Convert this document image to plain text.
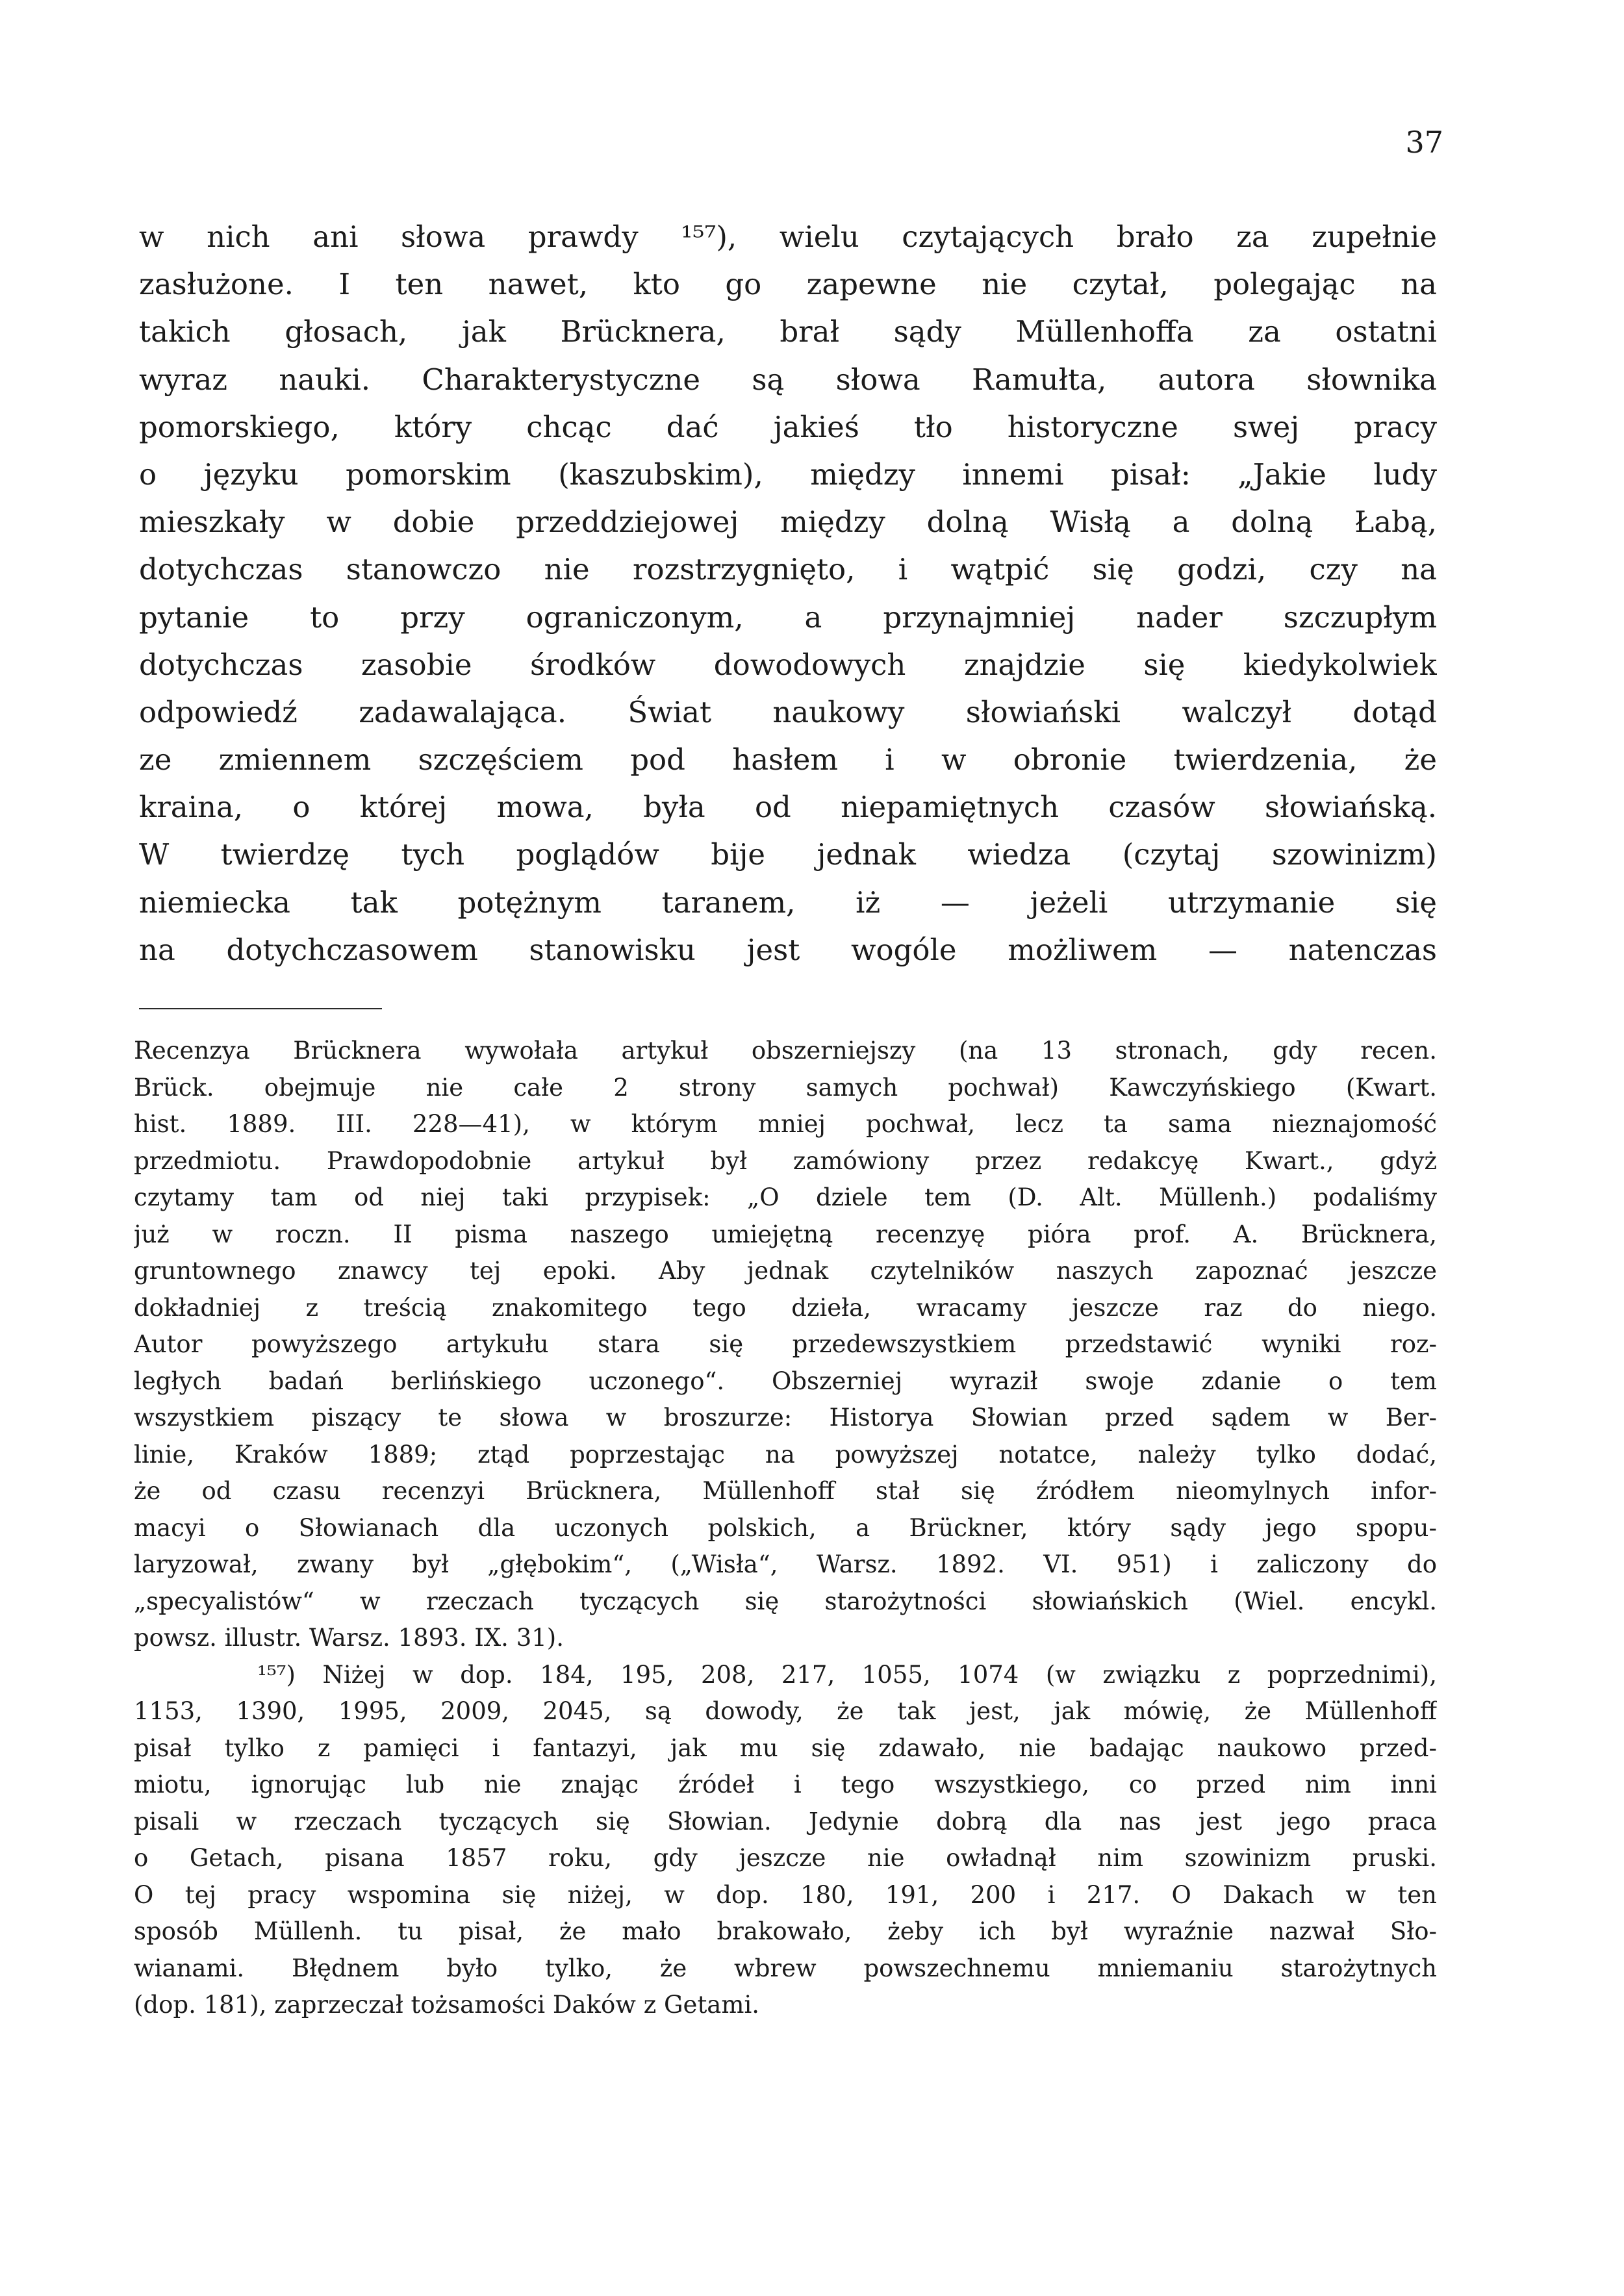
37
w nich ani słowa prawdy ¹⁵⁷), wielu czytających brało za zupełnie
zasłużone. I ten nawet, kto go zapewne nie czytał, polegając na
takich głosach, jak Brücknera, brał sądy Müllenhoffa za ostatni
wyraz nauki. Charakterystyczne są słowa Ramułta, autora słownika
pomorskiego, który chcąc dać jakieś tło historyczne swej pracy
o języku pomorskim (kaszubskim), między innemi pisał: „Jakie ludy
mieszkały w dobie przeddziejowej między dolną Wisłą a dolną Łabą,
dotychczas stanowczo nie rozstrzygnięto, i wątpić się godzi, czy na
pytanie to przy ograniczonym, a przynajmniej nader szczupłym
dotychczas zasobie środków dowodowych znajdzie się kiedykolwiek
odpowiedź zadawalająca. Świat naukowy słowiański walczył dotąd
ze zmiennem szczęściem pod hasłem i w obronie twierdzenia, że
kraina, o której mowa, była od niepamiętnych czasów słowiańską.
W twierdzę tych poglądów bije jednak wiedza (czytaj szowinizm)
niemiecka tak potężnym taranem, iż — jeżeli utrzymanie się
na dotychczasowem stanowisku jest wogóle możliwem — natenczas
Recenzya Brücknera wywołała artykuł obszerniejszy (na 13 stronach, gdy recen.
Brück. obejmuje nie całe 2 strony samych pochwał) Kawczyńskiego (Kwart.
hist. 1889. III. 228—41), w którym mniej pochwał, lecz ta sama nieznajomość
przedmiotu. Prawdopodobnie artykuł był zamówiony przez redakcyę Kwart., gdyż
czytamy tam od niej taki przypisek: „O dziele tem (D. Alt. Müllenh.) podaliśmy
już w roczn. II pisma naszego umiejętną recenzyę pióra prof. A. Brücknera,
gruntownego znawcy tej epoki. Aby jednak czytelników naszych zapoznać jeszcze
dokładniej z treścią znakomitego tego dzieła, wracamy jeszcze raz do niego.
Autor powyższego artykułu stara się przedewszystkiem przedstawić wyniki roz-
ległych badań berlińskiego uczonego“. Obszerniej wyraził swoje zdanie o tem
wszystkiem piszący te słowa w broszurze: Historya Słowian przed sądem w Ber-
linie, Kraków 1889; ztąd poprzestając na powyższej notatce, należy tylko dodać,
że od czasu recenzyi Brücknera, Müllenhoff stał się źródłem nieomylnych infor-
macyi o Słowianach dla uczonych polskich, a Brückner, który sądy jego spopu-
laryzował, zwany był „głębokim“, („Wisła“, Warsz. 1892. VI. 951) i zaliczony do
„specyalistów“ w rzeczach tyczących się starożytności słowiańskich (Wiel. encykl.
powsz. illustr. Warsz. 1893. IX. 31).
¹⁵⁷) Niżej w dop. 184, 195, 208, 217, 1055, 1074 (w związku z poprzednimi),
1153, 1390, 1995, 2009, 2045, są dowody, że tak jest, jak mówię, że Müllenhoff
pisał tylko z pamięci i fantazyi, jak mu się zdawało, nie badając naukowo przed-
miotu, ignorując lub nie znając źródeł i tego wszystkiego, co przed nim inni
pisali w rzeczach tyczących się Słowian. Jedynie dobrą dla nas jest jego praca
o Getach, pisana 1857 roku, gdy jeszcze nie owładnął nim szowinizm pruski.
O tej pracy wspomina się niżej, w dop. 180, 191, 200 i 217. O Dakach w ten
sposób Müllenh. tu pisał, że mało brakowało, żeby ich był wyraźnie nazwał Sło-
wianami. Błędnem było tylko, że wbrew powszechnemu mniemaniu starożytnych
(dop. 181), zaprzeczał tożsamości Daków z Getami.
